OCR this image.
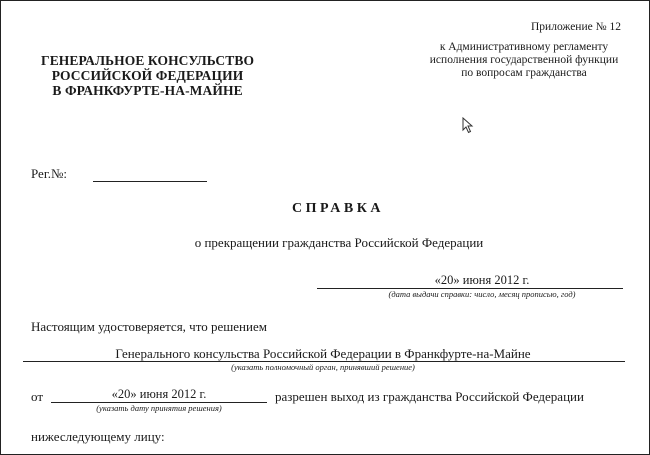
ГЕНЕРАЛЬНОЕ КОНСУЛЬСТВО
РОССИЙСКОЙ ФЕДЕРАЦИИ
В ФРАНКФУРТЕ-НА-МАЙНЕ
Приложение № 12
к Административному регламенту
исполнения государственной функции
по вопросам гражданства
Рег.№:
СПРАВКА
о прекращении гражданства Российской Федерации
«20» июня 2012 г.
(дата выдачи справки: число, месяц прописью, год)
Настоящим удостоверяется, что решением
Генерального консульства Российской Федерации в Франкфурте-на-Майне
(указать полномочный орган, принявший решение)
от	«20» июня 2012 г.
(указать дату принятия решения)
разрешен выход из гражданства Российской Федерации
нижеследующему лицу:
